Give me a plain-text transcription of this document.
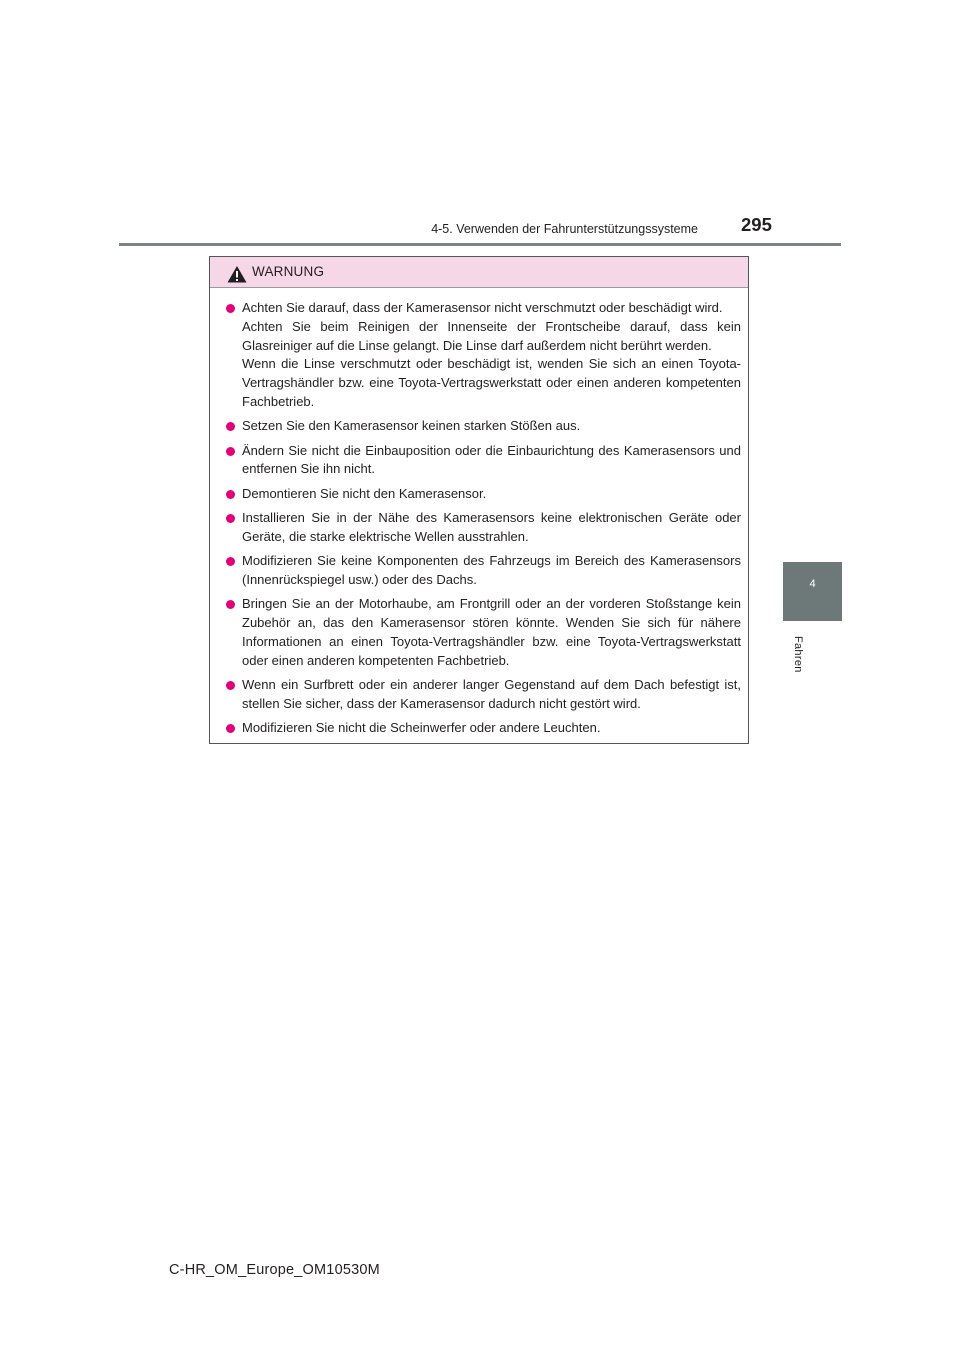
4-5. Verwenden der Fahrunterstützungssysteme 295
4
Fahren
WARNUNG
Achten Sie darauf, dass der Kamerasensor nicht verschmutzt oder beschädigt wird.
Achten Sie beim Reinigen der Innenseite der Frontscheibe darauf, dass kein Glasreiniger auf die Linse gelangt. Die Linse darf außerdem nicht berührt werden.
Wenn die Linse verschmutzt oder beschädigt ist, wenden Sie sich an einen Toyota-Vertragshändler bzw. eine Toyota-Vertragswerkstatt oder einen anderen kompetenten Fachbetrieb.
Setzen Sie den Kamerasensor keinen starken Stößen aus.
Ändern Sie nicht die Einbauposition oder die Einbaurichtung des Kamerasensors und entfernen Sie ihn nicht.
Demontieren Sie nicht den Kamerasensor.
Installieren Sie in der Nähe des Kamerasensors keine elektronischen Geräte oder Geräte, die starke elektrische Wellen ausstrahlen.
Modifizieren Sie keine Komponenten des Fahrzeugs im Bereich des Kamerasensors (Innenrückspiegel usw.) oder des Dachs.
Bringen Sie an der Motorhaube, am Frontgrill oder an der vorderen Stoßstange kein Zubehör an, das den Kamerasensor stören könnte. Wenden Sie sich für nähere Informationen an einen Toyota-Vertragshändler bzw. eine Toyota-Vertragswerkstatt oder einen anderen kompetenten Fachbetrieb.
Wenn ein Surfbrett oder ein anderer langer Gegenstand auf dem Dach befestigt ist, stellen Sie sicher, dass der Kamerasensor dadurch nicht gestört wird.
Modifizieren Sie nicht die Scheinwerfer oder andere Leuchten.
C-HR_OM_Europe_OM10530M
